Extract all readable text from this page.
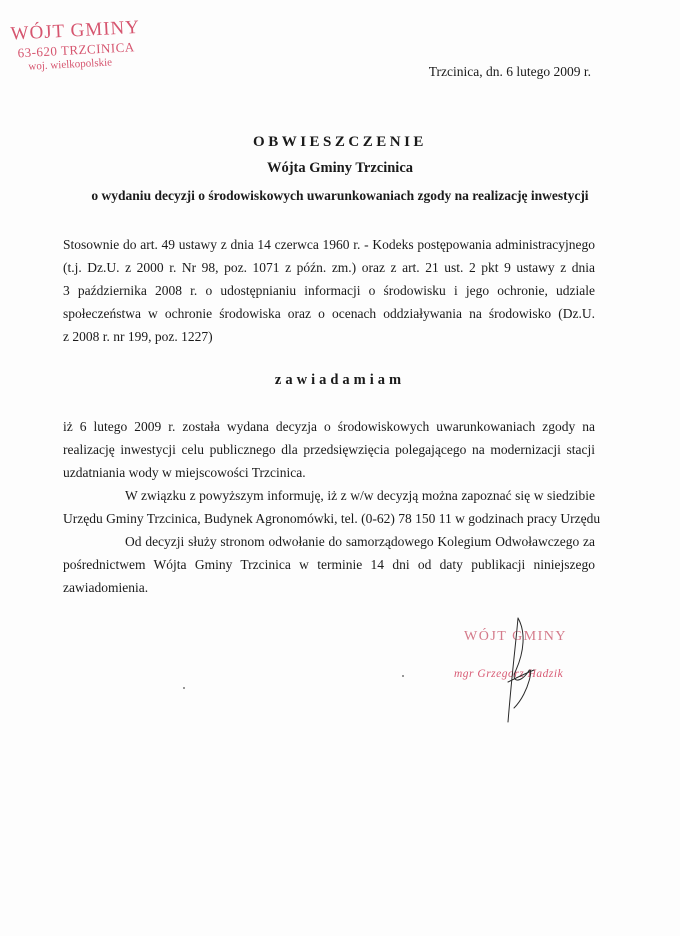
WÓJT GMINY
63-620 TRZCINICA
woj. wielkopolskie	Trzcinica, dn. 6 lutego 2009 r.
OBWIESZCZENIE
Wójta Gminy Trzcinica
o wydaniu decyzji o środowiskowych uwarunkowaniach zgody na realizację inwestycji
Stosownie do art. 49 ustawy z dnia 14 czerwca 1960 r. - Kodeks postępowania administracyjnego
(t.j. Dz.U. z 2000 r. Nr 98, poz. 1071 z późn. zm.) oraz z art. 21 ust. 2 pkt 9 ustawy z dnia
3 października 2008 r. o udostępnianiu informacji o środowisku i jego ochronie, udziale
społeczeństwa w ochronie środowiska oraz o ocenach oddziaływania na środowisko (Dz.U.
z 2008 r. nr 199, poz. 1227)
zawiadamiam
iż 6 lutego 2009 r. została wydana decyzja o środowiskowych uwarunkowaniach zgody na
realizację inwestycji celu publicznego dla przedsięwzięcia polegającego na modernizacji stacji
uzdatniania wody w miejscowości Trzcinica.
W związku z powyższym informuję, iż z w/w decyzją można zapoznać się w siedzibie
Urzędu Gminy Trzcinica, Budynek Agronomówki, tel. (0-62) 78 150 11 w godzinach pracy Urzędu
Od decyzji służy stronom odwołanie do samorządowego Kolegium Odwoławczego za
pośrednictwem Wójta Gminy Trzcinica w terminie 14 dni od daty publikacji niniejszego
zawiadomienia.
WÓJT GMINY
mgr Grzegorz Hadzik
